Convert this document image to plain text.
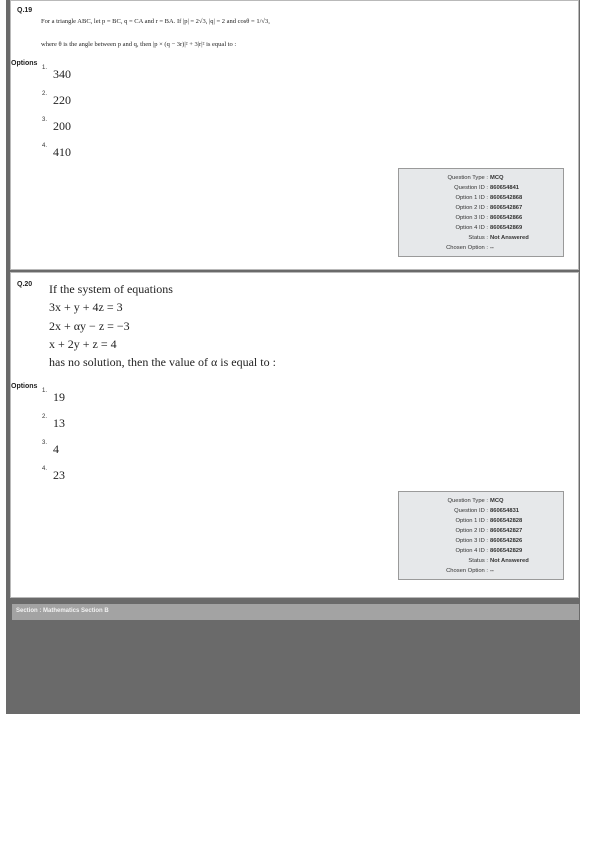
Q.19
For a triangle ABC, let p = BC, q = CA and r = BA. If |p| = 2√3, |q| = 2 and cosθ = 1/√3,
where θ is the angle between p and q, then |p × (q − 3r)|² + 3|r|² is equal to :
Options
$^{1.}$ 340
$^{2.}$ 220
$^{3.}$ 200
$^{4.}$ 410
Question Type : MCQ
Question ID : 860654841
Option 1 ID : 8606542868
Option 2 ID : 8606542867
Option 3 ID : 8606542866
Option 4 ID : 8606542869
Status : Not Answered
Chosen Option : --
Q.20 If the system of equations
3x + y + 4z = 3
2x + αy − z = −3
x + 2y + z = 4
has no solution, then the value of α is equal to :
Options
$^{1.}$ 19
$^{2.}$ 13
$^{3.}$ 4
$^{4.}$ 23
Question Type : MCQ
Question ID : 860654831
Option 1 ID : 8606542828
Option 2 ID : 8606542827
Option 3 ID : 8606542826
Option 4 ID : 8606542829
Status : Not Answered
Chosen Option : --
Section : Mathematics Section B
